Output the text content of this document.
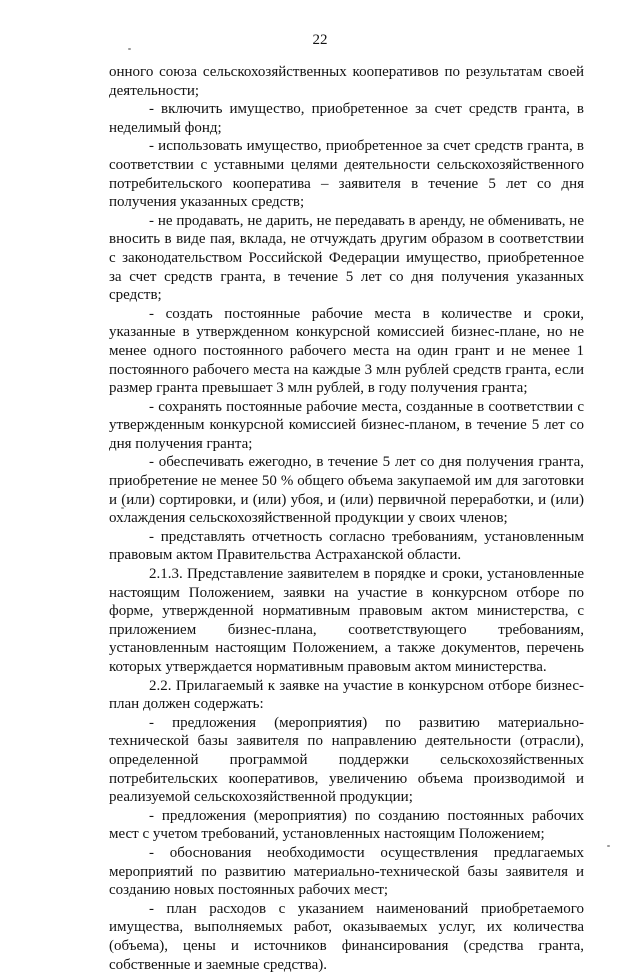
22

онного союза сельскохозяйственных кооперативов по результатам своей деятельности;

- включить имущество, приобретенное за счет средств гранта, в неделимый фонд;

- использовать имущество, приобретенное за счет средств гранта, в соответствии с уставными целями деятельности сельскохозяйственного потребительского кооператива – заявителя в течение 5 лет со дня получения указанных средств;

- не продавать, не дарить, не передавать в аренду, не обменивать, не вносить в виде пая, вклада, не отчуждать другим образом в соответствии с законодательством Российской Федерации имущество, приобретенное за счет средств гранта, в течение 5 лет со дня получения указанных средств;

- создать постоянные рабочие места в количестве и сроки, указанные в утвержденном конкурсной комиссией бизнес-плане, но не менее одного постоянного рабочего места на один грант и не менее 1 постоянного рабочего места на каждые 3 млн рублей средств гранта, если размер гранта превышает 3 млн рублей, в году получения гранта;

- сохранять постоянные рабочие места, созданные в соответствии с утвержденным конкурсной комиссией бизнес-планом, в течение 5 лет со дня получения гранта;

- обеспечивать ежегодно, в течение 5 лет со дня получения гранта, приобретение не менее 50 % общего объема закупаемой им для заготовки и (или) сортировки, и (или) убоя, и (или) первичной переработки, и (или) охлаждения сельскохозяйственной продукции у своих членов;

- представлять отчетность согласно требованиям, установленным правовым актом Правительства Астраханской области.

2.1.3. Представление заявителем в порядке и сроки, установленные настоящим Положением, заявки на участие в конкурсном отборе по форме, утвержденной нормативным правовым актом министерства, с приложением бизнес-плана, соответствующего требованиям, установленным настоящим Положением, а также документов, перечень которых утверждается нормативным правовым актом министерства.

2.2. Прилагаемый к заявке на участие в конкурсном отборе бизнес-план должен содержать:

- предложения (мероприятия) по развитию материально-технической базы заявителя по направлению деятельности (отрасли), определенной программой поддержки сельскохозяйственных потребительских кооперативов, увеличению объема производимой и реализуемой сельскохозяйственной продукции;

- предложения (мероприятия) по созданию постоянных рабочих мест с учетом требований, установленных настоящим Положением;

- обоснования необходимости осуществления предлагаемых мероприятий по развитию материально-технической базы заявителя и созданию новых постоянных рабочих мест;

- план расходов с указанием наименований приобретаемого имущества, выполняемых работ, оказываемых услуг, их количества (объема), цены и источников финансирования (средства гранта, собственные и заемные средства).
